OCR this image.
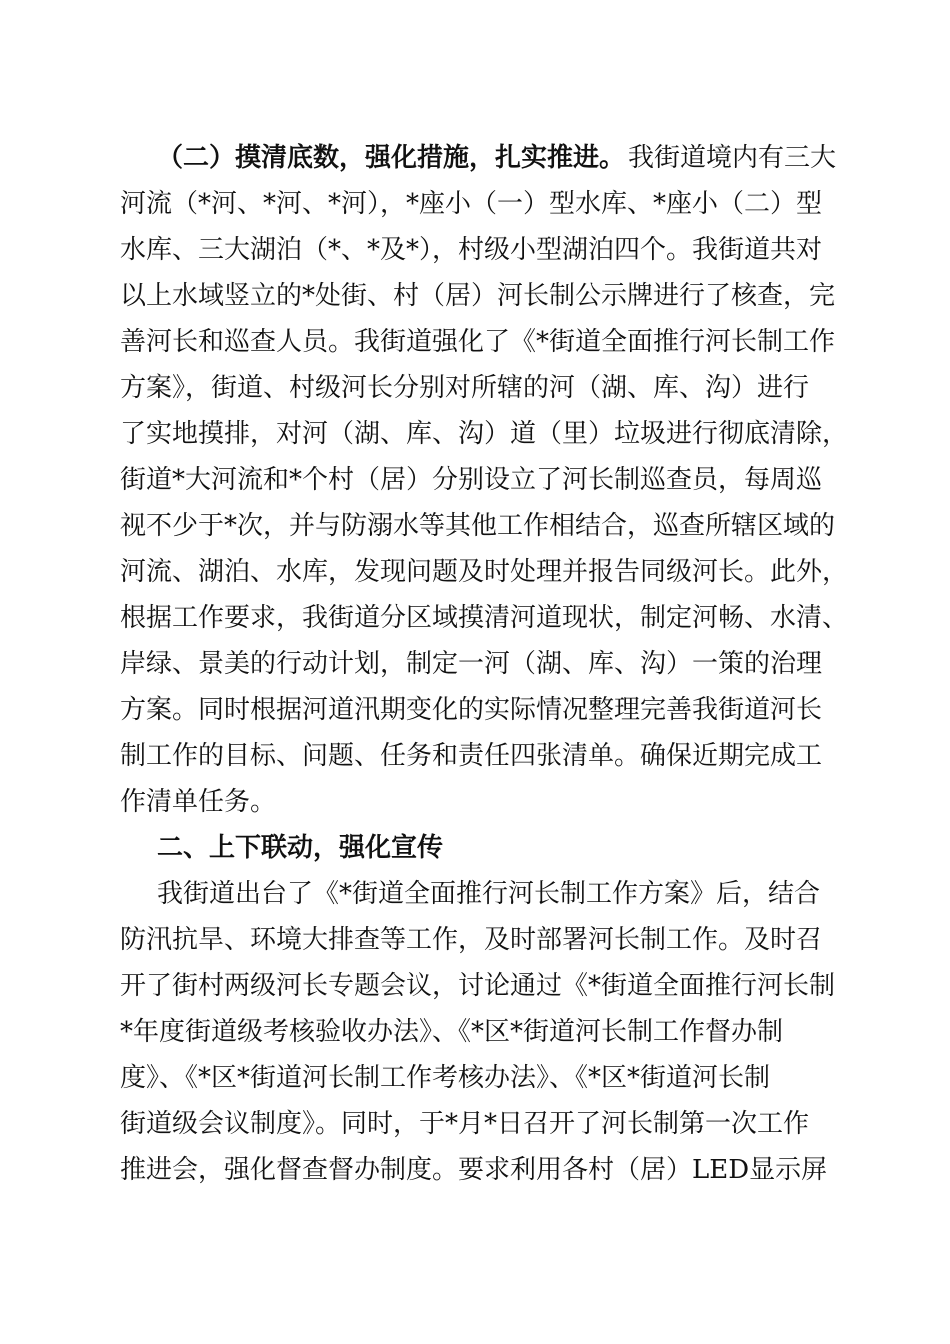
（二）摸清底数，强化措施，扎实推进。 我街道境内有三大
河流（*河、*河、*河），*座小（一）型水库、*座小（二）型
水库、三大湖泊（*、*及*），村级小型湖泊四个。我街道共对
以上水域竖立的*处街、村（居）河长制公示牌进行了核查，完
善河长和巡查人员。我街道强化了《*街道全面推行河长制工作
方案》，街道、村级河长分别对所辖的河（湖、库、沟）进行
了实地摸排，对河（湖、库、沟）道（里）垃圾进行彻底清除，
街道*大河流和*个村（居）分别设立了河长制巡查员，每周巡
视不少于*次，并与防溺水等其他工作相结合，巡查所辖区域的
河流、湖泊、水库，发现问题及时处理并报告同级河长。此外，
根据工作要求，我街道分区域摸清河道现状，制定河畅、水清、
岸绿、景美的行动计划，制定一河（湖、库、沟）一策的治理
方案。同时根据河道汛期变化的实际情况整理完善我街道河长
制工作的目标、问题、任务和责任四张清单。确保近期完成工
作清单任务。
二、上下联动，强化宣传
我街道出台了《*街道全面推行河长制工作方案》后，结合
防汛抗旱、环境大排查等工作，及时部署河长制工作。及时召
开了街村两级河长专题会议，讨论通过《*街道全面推行河长制
*年度街道级考核验收办法》、《*区*街道河长制工作督办制
度》、《*区*街道河长制工作考核办法》、《*区*街道河长制
街道级会议制度》。同时，于*月*日召开了河长制第一次工作
推进会，强化督查督办制度。要求利用各村（居）LED显示屏
